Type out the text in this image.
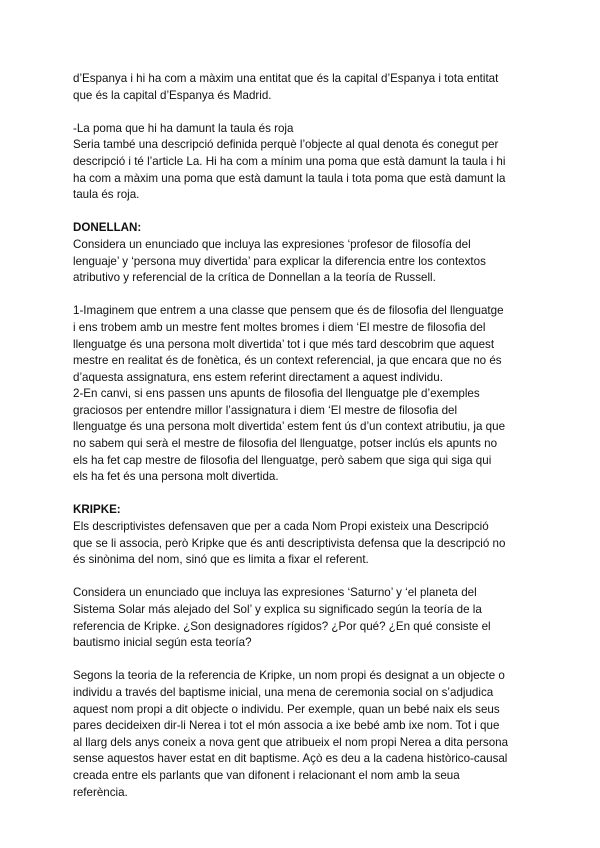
d’Espanya i hi ha com a màxim una entitat que és la capital d’Espanya i tota entitat
que és la capital d’Espanya és Madrid.
-La poma que hi ha damunt la taula és roja
Seria també una descripció definida perquè l’objecte al qual denota és conegut per
descripció i té l’article La. Hi ha com a mínim una poma que està damunt la taula i hi
ha com a màxim una poma que està damunt la taula i tota poma que està damunt la
taula és roja.
DONELLAN:
Considera un enunciado que incluya las expresiones ‘profesor de filosofía del
lenguaje’ y ‘persona muy divertida’ para explicar la diferencia entre los contextos
atributivo y referencial de la crítica de Donnellan a la teoría de Russell.
1-Imaginem que entrem a una classe que pensem que és de filosofia del llenguatge
i ens trobem amb un mestre fent moltes bromes i diem ‘El mestre de filosofia del
llenguatge és una persona molt divertida’ tot i que més tard descobrim que aquest
mestre en realitat és de fonètica, és un context referencial, ja que encara que no és
d’aquesta assignatura, ens estem referint directament a aquest individu.
2-En canvi, si ens passen uns apunts de filosofia del llenguatge ple d’exemples
graciosos per entendre millor l’assignatura i diem ‘El mestre de filosofia del
llenguatge és una persona molt divertida’ estem fent ús d’un context atributiu, ja que
no sabem qui serà el mestre de filosofia del llenguatge, potser inclús els apunts no
els ha fet cap mestre de filosofia del llenguatge, però sabem que siga qui siga qui
els ha fet és una persona molt divertida.
KRIPKE:
Els descriptivistes defensaven que per a cada Nom Propi existeix una Descripció
que se li associa, però Kripke que és anti descriptivista defensa que la descripció no
és sinònima del nom, sinó que es limita a fixar el referent.
Considera un enunciado que incluya las expresiones ‘Saturno’ y ‘el planeta del
Sistema Solar más alejado del Sol’ y explica su significado según la teoría de la
referencia de Kripke. ¿Son designadores rígidos? ¿Por qué? ¿En qué consiste el
bautismo inicial según esta teoría?
Segons la teoria de la referencia de Kripke, un nom propi és designat a un objecte o
individu a través del baptisme inicial, una mena de ceremonia social on s’adjudica
aquest nom propi a dit objecte o individu. Per exemple, quan un bebé naix els seus
pares decideixen dir-li Nerea i tot el món associa a ixe bebé amb ixe nom. Tot i que
al llarg dels anys coneix a nova gent que atribueix el nom propi Nerea a dita persona
sense aquestos haver estat en dit baptisme. Açò es deu a la cadena històrico-causal
creada entre els parlants que van difonent i relacionant el nom amb la seua
referència.
